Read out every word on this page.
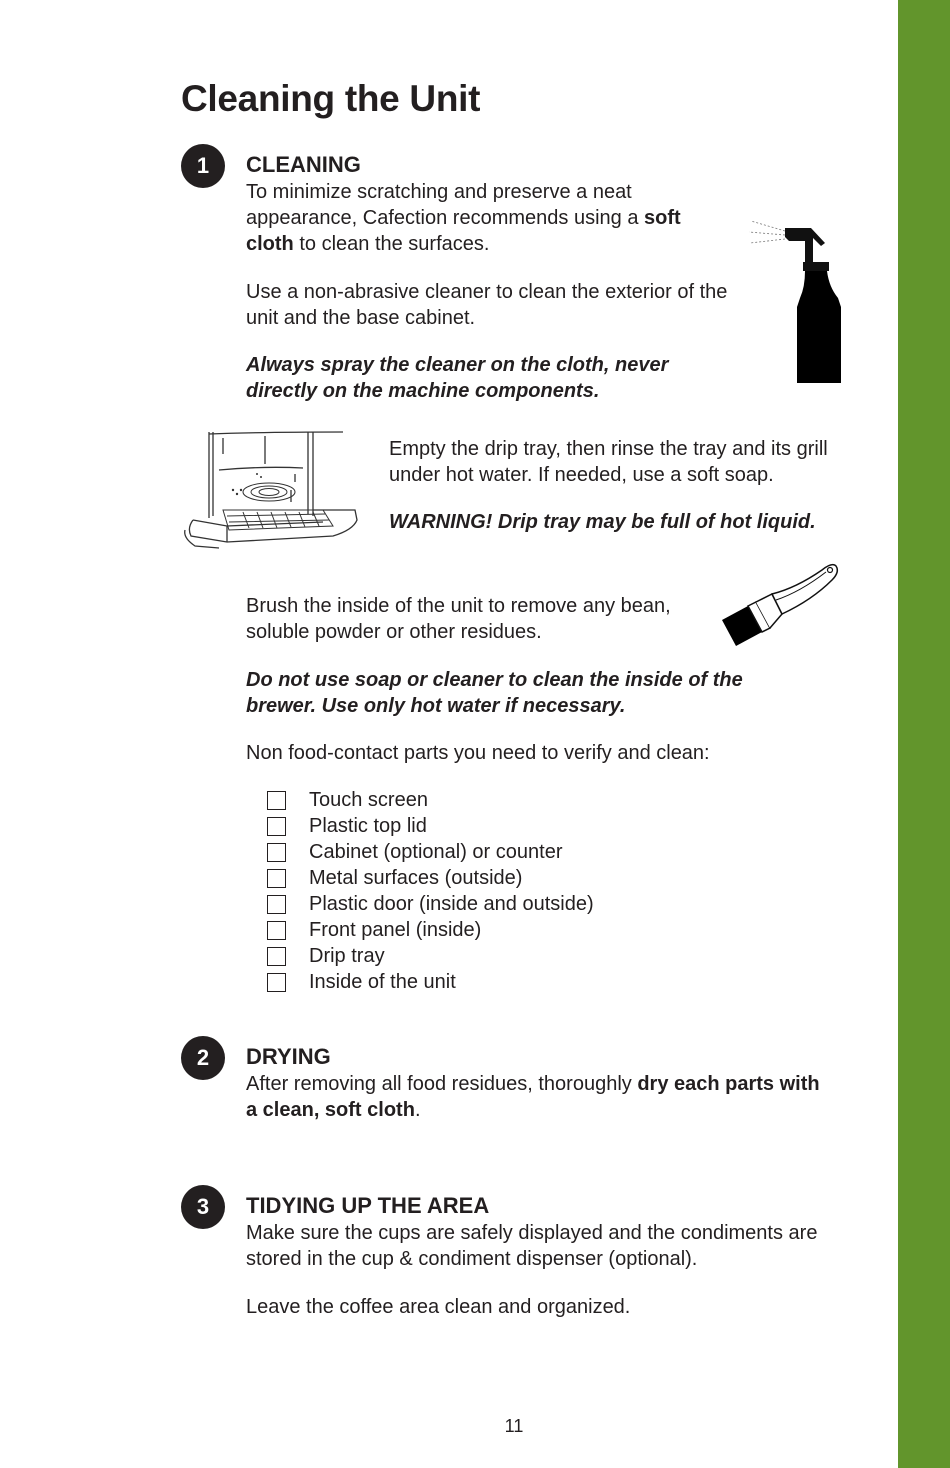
Cleaning the Unit
1	CLEANING

To minimize scratching and preserve a neat appearance, Cafection recommends using a soft cloth to clean the surfaces.

Use a non-abrasive cleaner to clean the exterior of the unit and the base cabinet.

Always spray the cleaner on the cloth, never directly on the machine components.

Empty the drip tray, then rinse the tray and its grill under hot water. If needed, use a soft soap.

WARNING! Drip tray may be full of hot liquid.

Brush the inside of the unit to remove any bean, soluble powder or other residues.

Do not use soap or cleaner to clean the inside of the brewer. Use only hot water if necessary.

Non food-contact parts you need to verify and clean:

Touch screen
Plastic top lid
Cabinet (optional) or counter
Metal surfaces (outside)
Plastic door (inside and outside)
Front panel (inside)
Drip tray
Inside of the unit
2	DRYING

After removing all food residues, thoroughly dry each parts with a clean, soft cloth.

3	TIDYING UP THE AREA

Make sure the cups are safely displayed and the condiments are stored in the cup & condiment dispenser (optional).

Leave the coffee area clean and organized.

11
